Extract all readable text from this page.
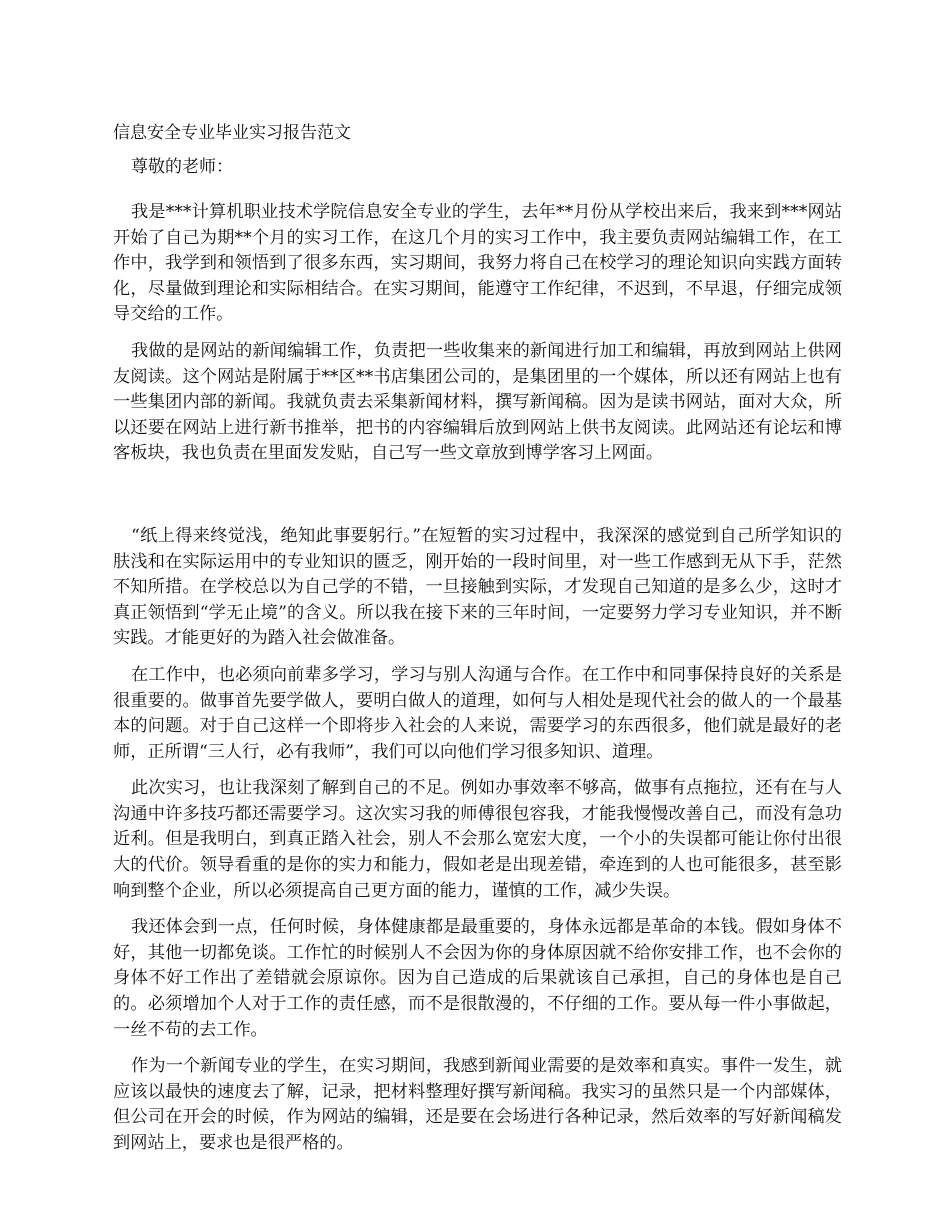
信息安全专业毕业实习报告范文
尊敬的老师：

我是***计算机职业技术学院信息安全专业的学生，去年**月份从学校出来后，我来到***网站开始了自己为期**个月的实习工作，在这几个月的实习工作中，我主要负责网站编辑工作，在工作中，我学到和领悟到了很多东西，实习期间，我努力将自己在校学习的理论知识向实践方面转化，尽量做到理论和实际相结合。在实习期间，能遵守工作纪律，不迟到，不早退，仔细完成领导交给的工作。

我做的是网站的新闻编辑工作，负责把一些收集来的新闻进行加工和编辑，再放到网站上供网友阅读。这个网站是附属于**区**书店集团公司的，是集团里的一个媒体，所以还有网站上也有一些集团内部的新闻。我就负责去采集新闻材料，撰写新闻稿。因为是读书网站，面对大众，所以还要在网站上进行新书推举，把书的内容编辑后放到网站上供书友阅读。此网站还有论坛和博客板块，我也负责在里面发发贴，自己写一些文章放到博学客习上网面。

“纸上得来终觉浅，绝知此事要躬行。”在短暂的实习过程中，我深深的感觉到自己所学知识的肤浅和在实际运用中的专业知识的匮乏，刚开始的一段时间里，对一些工作感到无从下手，茫然不知所措。在学校总以为自己学的不错，一旦接触到实际，才发现自己知道的是多么少，这时才真正领悟到“学无止境”的含义。所以我在接下来的三年时间，一定要努力学习专业知识，并不断实践。才能更好的为踏入社会做准备。

在工作中，也必须向前辈多学习，学习与别人沟通与合作。在工作中和同事保持良好的关系是很重要的。做事首先要学做人，要明白做人的道理，如何与人相处是现代社会的做人的一个最基本的问题。对于自己这样一个即将步入社会的人来说，需要学习的东西很多，他们就是最好的老师，正所谓“三人行，必有我师”，我们可以向他们学习很多知识、道理。

此次实习，也让我深刻了解到自己的不足。例如办事效率不够高，做事有点拖拉，还有在与人沟通中许多技巧都还需要学习。这次实习我的师傅很包容我，才能我慢慢改善自己，而没有急功近利。但是我明白，到真正踏入社会，别人不会那么宽宏大度，一个小的失误都可能让你付出很大的代价。领导看重的是你的实力和能力，假如老是出现差错，牵连到的人也可能很多，甚至影响到整个企业，所以必须提高自己更方面的能力，谨慎的工作，减少失误。

我还体会到一点，任何时候，身体健康都是最重要的，身体永远都是革命的本钱。假如身体不好，其他一切都免谈。工作忙的时候别人不会因为你的身体原因就不给你安排工作，也不会你的身体不好工作出了差错就会原谅你。因为自己造成的后果就该自己承担，自己的身体也是自己的。必须增加个人对于工作的责任感，而不是很散漫的，不仔细的工作。要从每一件小事做起，一丝不苟的去工作。

作为一个新闻专业的学生，在实习期间，我感到新闻业需要的是效率和真实。事件一发生，就应该以最快的速度去了解，记录，把材料整理好撰写新闻稿。我实习的虽然只是一个内部媒体，但公司在开会的时候，作为网站的编辑，还是要在会场进行各种记录，然后效率的写好新闻稿发到网站上，要求也是很严格的。
